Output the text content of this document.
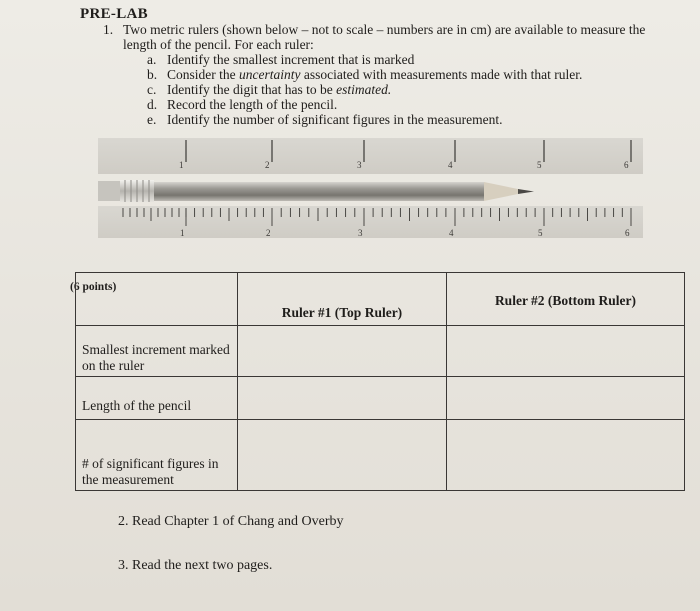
PRE-LAB
1. Two metric rulers (shown below – not to scale – numbers are in cm) are available to measure the length of the pencil. For each ruler:
a. Identify the smallest increment that is marked
b. Consider the uncertainty associated with measurements made with that ruler.
c. Identify the digit that has to be estimated.
d. Record the length of the pencil.
e. Identify the number of significant figures in the measurement.
1	2	3	4	5	6
1	2	3	4	5	6
(6 points)
	Ruler #1 (Top Ruler)	Ruler #2 (Bottom Ruler)
Smallest increment marked on the ruler		
Length of the pencil		
# of significant figures in the measurement		
2. Read Chapter 1 of Chang and Overby
3. Read the next two pages.
